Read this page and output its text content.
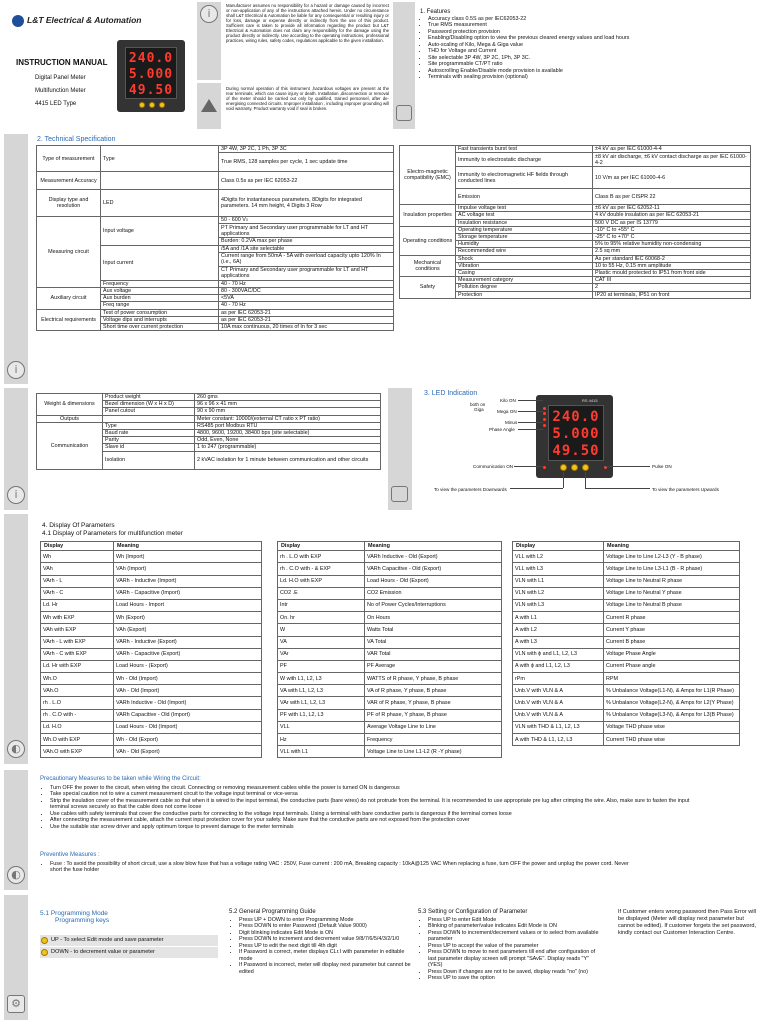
L&T Electrical & Automation
INSTRUCTION MANUAL
Digital Panel Meter
Multifunction Meter
4415 LED Type
240.0
5.000
49.50
i
Manufacturer assumes no responsibility for a hazard or damage caused by incorrect or non-application of any of the instructions attached herein. Under no circumstance shall L&T Electrical & Automation be liable for any consequential or resulting injury or for loss, damage or expense directly or indirectly from the use of this product. Sufficient care is taken to provide all information regarding the product but L&T Electrical & Automation does not claim any responsibility for the damage using the product directly or indirectly. Use according to the operating instructions, professional practices, wiring rules, safety codes, regulations applicable to the given installation.
During normal operation of this instrument ,hazardous voltages are present at the rear terminals, which can cause injury or death. Installation ,disconnection or removal of the meter should be carried out only by qualified, trained personnel, after de-energising connected circuits. Improper installation , including improper grounding will void warranty. Product warranty void if seal is broken.
1. Features
• Accuracy class 0.5S as per IEC62053-22
• True RMS measurement
• Password protection provision
• Enabling/Disabling option to view the previous cleared energy values and load hours
• Auto-scaling of Kilo, Mega & Giga value
• THD for Voltage and Current
• Site selectable 3P 4W, 3P 2C, 1Ph, 3P 3C.
• Site programmable CT/PT ratio
• Autoscrolling Enable/Disable mode provision is available
• Terminals with sealing provision (optional)
i
2. Technical Specification
Type of measurement	Type	3P 4W, 3P 2C, 1 Ph, 3P 3C
		True RMS, 128 samples per cycle, 1 sec update time
Measurement Accuracy		Class 0.5s as per IEC 62053-22
Display type and resolution	LED	4Digits for instantaneous parameters, 8Digits for integrated parameters. 14 mm height, 4 Digits 3 Row
Measuring circuit	Input voltage	50 - 600 Vₗₗ
		PT Primary and Secondary user programmable for LT and HT applications
		Burden: 0.2VA max per phase
	Input current	/5A and /1A site selectable
		Current range from 50mA - 5A with overload capacity upto 120% In (i.e., 6A)
		CT Primary and Secondary user programmable for LT and HT applications
	Frequency	40 - 70 Hz
Auxiliary circuit	Aux voltage	80 - 300VAC/DC
	Aux burden	<5VA
	Freq range	40 - 70 Hz
Electrical requirements	Test of power consumption	as per IEC 62053-21
	Voltage dips and interrupts	as per IEC 62053-21
	Short time over current protection	10A max continuous, 20 times of In for 3 sec
Electro-magnetic compatibility (EMC)	Fast transients burst test	±4 kV as per IEC 61000-4-4
	Immunity to electrostatic discharge	±8 kV air discharge, ±6 kV contact discharge as per IEC 61000-4-2
	Immunity to electromagnetic HF fields through conducted lines	10 V/m as per IEC 61000-4-6
	Emission	Class B as per CISPR 22
Insulation properties	Impulse voltage test	±6 kV as per IEC 62052-11
	AC voltage test	4 kV double insulation as per IEC 62053-21
	Insulation resistance	500 V DC as per IS 13779
Operating conditions	Operating temperature	-10° C to +55° C
	Storage temperature	-25° C to +70° C
	Humidity	5% to 95% relative humidity non-condensing
	Recommended wire	2.5 sq mm
Mechanical conditions	Shock	As per standard IEC 60068-2
	Vibration	10 to 55 Hz, 0.15 mm amplitude
	Casing	Plastic mould protected to IP51 from front side
Safety	Measurement category	CAT III
	Pollution degree	2
	Protection	IP20 at terminals, IP51 on front
i
Weight & dimensions	Product weight	260 gms
	Bezel dimension (W x H x D)	96 x 96 x 41 mm
	Panel cutout	90 x 90 mm
Outputs		Meter constant: 10000/(external CT ratio x PT ratio)
Communication	Type	RS485 port Modbus RTU
	Baud rate	4800, 9600, 19200, 38400 bps (site selectable)
	Parity	Odd, Even, None
	Slave id	1 to 247 (programmable)
	Isolation	2 kVAC isolation for 1 minute between communication and other circuits
3. LED Indication
RS 4415
240.0
5.000
49.50
Kilo ON
Mega ON
Giga
both on
Minus
Phase Angle
Communication ON	Pulse ON
To view the parameters Downwards	To view the parameters Upwards
◐
4. Display Of Parameters
4.1 Display of Parameters for multifunction meter
Display	Meaning
Wh	Wh (Import)
VAh	VAh (Import)
VArh - L	VARh - Inductive (Import)
VArh - C	VARh - Capacitive (Import)
Ld. Hr	Load Hours - Import
Wh with EXP	Wh (Export)
VAh with EXP	VAh (Export)
VArh - L with EXP	VARh - Inductive (Export)
VArh - C with EXP	VARh - Capacitive (Export)
Ld. Hr with EXP	Load Hours - (Export)
Wh.O	Wh - Old (Import)
VAh.O	VAh - Old (Import)
rh . L.O	VARh Inductive - Old (Import)
rh . C.O with -	VARh Capacitive - Old (Import)
Ld. H.O	Load Hours - Old (Import)
Wh.O with EXP	Wh - Old (Export)
VAh.O with EXP	VAh - Old (Export)
Display	Meaning
rh . L.O with EXP	VARh Inductive - Old (Export)
rh . C.O with - & EXP	VARh Capacitive - Old (Export)
Ld. H.O with EXP	Load Hours - Old (Export)
CO2 .E	CO2 Emission
Intr	No of Power Cycles/Interruptions
On. hr	On Hours
W	Watts Total
VA	VA Total
VAr	VAR Total
PF	PF Average
W with L1, L2, L3	WATTS of R phase, Y phase, B phase
VA with L1, L2, L3	VA of R phase, Y phase, B phase
VAr with L1, L2, L3	VAR of R phase, Y phase, B phase
PF with L1, L2, L3	PF of R phase, Y phase, B phase
VLL	Average Voltage Line to Line
Hz	Frequency
VLL with L1	Voltage Line to Line L1-L2 (R -Y phase)
Display	Meaning
VLL with L2	Voltage Line to Line L2-L3 (Y - B phase)
VLL with L3	Voltage Line to Line L3-L1 (B - R phase)
VLN with L1	Voltage Line to Neutral R phase
VLN with L2	Voltage Line to Neutral Y phase
VLN with L3	Voltage Line to Neutral B phase
A with L1	Current R phase
A with L2	Current Y phase
A with L3	Current B phase
VLN with ϕ and L1, L2, L3	Voltage Phase Angle
A with ϕ and L1, L2, L3	Current Phase angle
rPm	RPM
Unb.V with VLN & A	% Unbalance Voltage(L1-N), & Amps for L1(R Phase)
Unb.V with VLN & A	% Unbalance Voltage(L2-N), & Amps for L2(Y Phase)
Unb.V with VLN & A	% Unbalance Voltage(L3-N), & Amps for L3(B Phase)
VLN with THD & L1, L2, L3	Voltage THD phase wise
A with THD & L1, L2, L3	Current THD phase wise
◐
Precautionary Measures to be taken while Wiring the Circuit:
• Turn OFF the power to the circuit, when wiring the circuit. Connecting or removing measurement cables while the power is turned ON is dangerous
• Take special caution not to wire a current measurement circuit to the voltage input terminal or vice-versa
• Strip the insulation cover of the measurement cable so that when it is wired to the input terminal, the conductive parts (bare wires) do not protrude from the terminal. It is recommended to use appropriate pre lug after crimping the wire. Also, make sure to fasten the input terminal screws securely so that the cable does not come loose
• Use cables with safety terminals that cover the conductive parts for connecting to the voltage input terminals. Using a terminal with bare conductive parts is dangerous if the terminal comes loose
• After connecting the measurement cable, attach the current input protection cover for your safety. Make sure that the conductive parts are not exposed from the protection cover
• Use the suitable star screw driver and apply optimum torque to prevent damage to the meter terminals
Preventive Measures :
• Fuse : To avoid the possibility of short circuit, use a slow blow fuse that has a voltage rating VAC : 250V, Fuse current : 200 mA, Breaking capacity : 10kA@125 VAC When replacing a fuse, turn OFF the power and unplug the power cord. Never short the fuse holder
⚙
5.1 Programming Mode
Programming keys
UP - To select Edit mode and save parameter
DOWN - to decrement value or parameter
5.2 General Programming Guide
• Press UP + DOWN to enter Programming Mode
• Press DOWN to enter Password (Default Value 9000)
• Digit blinking indicates Edit Mode is ON
• Press DOWN to increment and decrement value 9/8/7/6/5/4/3/2/1/0
• Press UP to edit the next digit till 4th digit
• If Password is correct, meter displays CLr.I with parameter in editable mode
• If Password is incorrect, meter will display next parameter but cannot be edited
5.3 Setting or Configuration of Parameter
• Press UP to enter Edit Mode
• Blinking of parameter/value indicates Edit Mode is ON
• Press DOWN to increment/decrement values or to select from available parameter
• Press UP to accept the value of the parameter
• Press DOWN to move to next parameters till end after configuration of last parameter display screen will prompt "SAvE". Display reads "Y" (YES)
• Press Down if changes are not to be saved, display reads "no" (no)
• Press UP to save the option
If Customer enters wrong password then Pass Error will be displayed (Meter will display next parameter but cannot be edited). If customer forgets the set password, kindly contact our Customer Interaction Centre.
